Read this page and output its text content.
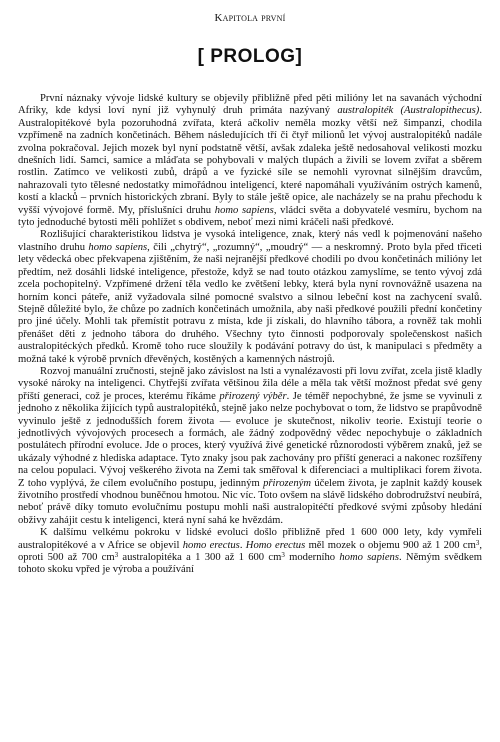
Kapitola první
[ PROLOG]

První náznaky vývoje lidské kultury se objevily přibližně před pěti milióny let na savanách východní Afriky, kde kdysi loví nyní již vyhynulý druh primáta nazývaný australopiték (Australopithecus). Australopitékové byla pozoruhodná zvířata, která ačkoliv neměla mozky větší než šimpanzi, chodila vzpřímeně na zadních končetinách. Během následujících tří či čtyř milionů let vývoj australopitéků nadále zvolna pokračoval. Jejich mozek byl nyní podstatně větší, avšak zdaleka ještě nedosahoval velikosti mozku dnešních lidí. Samci, samice a mláďata se pohybovali v malých tlupách a živili se lovem zvířat a sběrem rostlin. Zatímco ve velikosti zubů, drápů a ve fyzické síle se nemohli vyrovnat silnějším dravcům, nahrazovali tyto tělesné nedostatky mimořádnou inteligencí, které napomáhali využíváním ostrých kamenů, kostí a klacků – prvních historických zbraní. Byly to stále ještě opice, ale nacházely se na prahu přechodu k vyšší vývojové formě. My, příslušníci druhu homo sapiens, vládci světa a dobyvatelé vesmíru, bychom na tyto jednoduché bytosti měli pohlížet s obdivem, neboť mezi nimi kráčeli naši předkové.

Rozlišující charakteristikou lidstva je vysoká inteligence, znak, který nás vedl k pojmenování našeho vlastního druhu homo sapiens, čili „chytrý“, „rozumný“, „moudrý“ — a neskromný. Proto byla před třiceti lety vědecká obec překvapena zjištěním, že naši nejranější předkové chodili po dvou končetinách milióny let předtím, než dosáhli lidské inteligence, přestože, když se nad touto otázkou zamyslíme, se tento vývoj zdá zcela pochopitelný. Vzpřímené držení těla vedlo ke zvětšení lebky, která byla nyní rovnovážně usazena na horním konci páteře, aniž vyžadovala silné pomocné svalstvo a silnou lebeční kost na zachycení svalů. Stejně důležité bylo, že chůze po zadních končetinách umožnila, aby naši předkové použili přední končetiny pro jiné účely. Mohli tak přemístit potravu z místa, kde ji získali, do hlavního tábora, a rovněž tak mohli přenášet děti z jednoho tábora do druhého. Všechny tyto činnosti podporovaly společenskost našich australopitéckých předků. Kromě toho ruce sloužily k podávání potravy do úst, k manipulaci s předměty a možná také k výrobě prvních dřevěných, kostěných a kamenných nástrojů.

Rozvoj manuální zručnosti, stejně jako závislost na lsti a vynalézavosti při lovu zvířat, zcela jistě kladly vysoké nároky na inteligenci. Chytřejší zvířata většinou žila déle a měla tak větší možnost předat své geny příští generaci, což je proces, kterému říkáme přirozený výběr. Je téměř nepochybné, že jsme se vyvinuli z jednoho z několika žijících typů australopitéků, stejně jako nelze pochybovat o tom, že lidstvo se prapůvodně vyvinulo ještě z jednodušších forem života — evoluce je skutečnost, nikoliv teorie. Existují teorie o jednotlivých vývojových procesech a formách, ale žádný zodpovědný vědec nepochybuje o základních postulátech přírodní evoluce. Jde o proces, který využívá živé genetické různorodosti výběrem znaků, jež se ukázaly výhodné z hlediska adaptace. Tyto znaky jsou pak zachovány pro příští generaci a nakonec rozšířeny na celou populaci. Vývoj veškerého života na Zemi tak směřoval k diferenciaci a multiplikaci forem života. Z toho vyplývá, že cílem evolučního postupu, jedinným přirozeným účelem života, je zaplnit každý kousek životního prostředí vhodnou buněčnou hmotou. Nic víc. Toto ovšem na slávě lidského dobrodružství neubírá, neboť právě díky tomuto evolučnímu postupu mohli naši australopitéčtí předkové svými způsoby hledání obživy zahájit cestu k inteligenci, která nyní sahá ke hvězdám.

K dalšímu velkému pokroku v lidské evoluci došlo přibližně před 1 600 000 lety, kdy vymřeli australopitékové a v Africe se objevil homo erectus. Homo erectus měl mozek o objemu 900 až 1 200 $cm^3$, oproti 500 až 700 $cm^3$ australopitéka a 1 300 až 1 600 $cm^3$ moderního homo sapiens. Němým svědkem tohoto skoku vpřed je výroba a používání
